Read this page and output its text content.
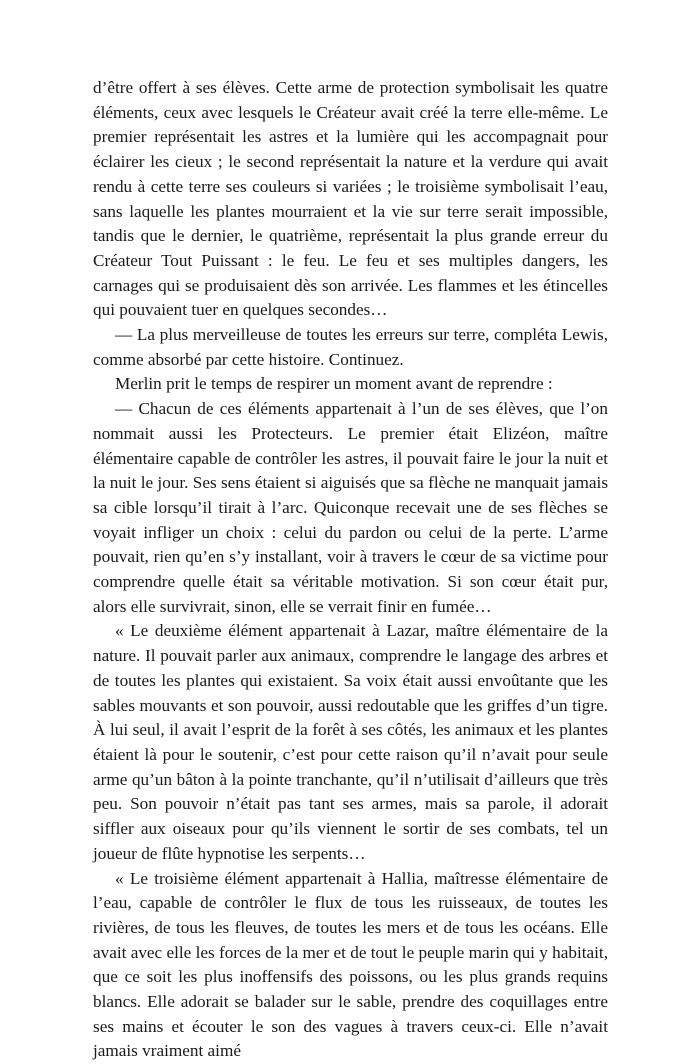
d’être offert à ses élèves. Cette arme de protection symbolisait les quatre éléments, ceux avec lesquels le Créateur avait créé la terre elle-même. Le premier représentait les astres et la lumière qui les accompagnait pour éclairer les cieux ; le second représentait la nature et la verdure qui avait rendu à cette terre ses couleurs si variées ; le troisième symbolisait l’eau, sans laquelle les plantes mourraient et la vie sur terre serait impossible, tandis que le dernier, le quatrième, représentait la plus grande erreur du Créateur Tout Puissant : le feu. Le feu et ses multiples dangers, les carnages qui se produisaient dès son arrivée. Les flammes et les étincelles qui pouvaient tuer en quelques secondes…

— La plus merveilleuse de toutes les erreurs sur terre, compléta Lewis, comme absorbé par cette histoire. Continuez.

Merlin prit le temps de respirer un moment avant de reprendre :

— Chacun de ces éléments appartenait à l’un de ses élèves, que l’on nommait aussi les Protecteurs. Le premier était Elizéon, maître élémentaire capable de contrôler les astres, il pouvait faire le jour la nuit et la nuit le jour. Ses sens étaient si aiguisés que sa flèche ne manquait jamais sa cible lorsqu’il tirait à l’arc. Quiconque recevait une de ses flèches se voyait infliger un choix : celui du pardon ou celui de la perte. L’arme pouvait, rien qu’en s’y installant, voir à travers le cœur de sa victime pour comprendre quelle était sa véritable motivation. Si son cœur était pur, alors elle survivrait, sinon, elle se verrait finir en fumée…

« Le deuxième élément appartenait à Lazar, maître élémentaire de la nature. Il pouvait parler aux animaux, comprendre le langage des arbres et de toutes les plantes qui existaient. Sa voix était aussi envoûtante que les sables mouvants et son pouvoir, aussi redoutable que les griffes d’un tigre. À lui seul, il avait l’esprit de la forêt à ses côtés, les animaux et les plantes étaient là pour le soutenir, c’est pour cette raison qu’il n’avait pour seule arme qu’un bâton à la pointe tranchante, qu’il n’utilisait d’ailleurs que très peu. Son pouvoir n’était pas tant ses armes, mais sa parole, il adorait siffler aux oiseaux pour qu’ils viennent le sortir de ses combats, tel un joueur de flûte hypnotise les serpents…

« Le troisième élément appartenait à Hallia, maîtresse élémentaire de l’eau, capable de contrôler le flux de tous les ruisseaux, de toutes les rivières, de tous les fleuves, de toutes les mers et de tous les océans. Elle avait avec elle les forces de la mer et de tout le peuple marin qui y habitait, que ce soit les plus inoffensifs des poissons, ou les plus grands requins blancs. Elle adorait se balader sur le sable, prendre des coquillages entre ses mains et écouter le son des vagues à travers ceux-ci. Elle n’avait jamais vraiment aimé
